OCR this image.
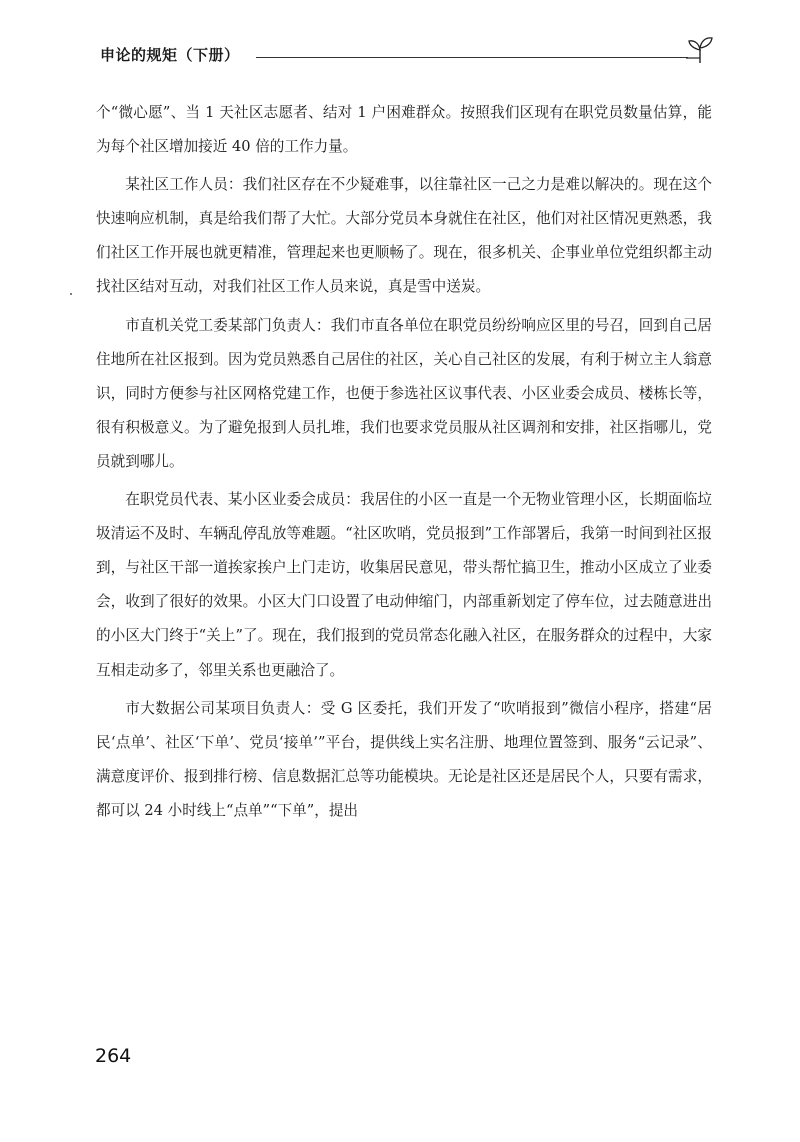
申论的规矩（下册）

个“微心愿”、当 1 天社区志愿者、结对 1 户困难群众。按照我们区现有在职党员数量估算，能为每个社区增加接近 40 倍的工作力量。

某社区工作人员：我们社区存在不少疑难事，以往靠社区一己之力是难以解决的。现在这个快速响应机制，真是给我们帮了大忙。大部分党员本身就住在社区，他们对社区情况更熟悉，我们社区工作开展也就更精准，管理起来也更顺畅了。现在，很多机关、企事业单位党组织都主动找社区结对互动，对我们社区工作人员来说，真是雪中送炭。

市直机关党工委某部门负责人：我们市直各单位在职党员纷纷响应区里的号召，回到自己居住地所在社区报到。因为党员熟悉自己居住的社区，关心自己社区的发展，有利于树立主人翁意识，同时方便参与社区网格党建工作，也便于参选社区议事代表、小区业委会成员、楼栋长等，很有积极意义。为了避免报到人员扎堆，我们也要求党员服从社区调剂和安排，社区指哪儿，党员就到哪儿。

在职党员代表、某小区业委会成员：我居住的小区一直是一个无物业管理小区，长期面临垃圾清运不及时、车辆乱停乱放等难题。“社区吹哨，党员报到”工作部署后，我第一时间到社区报到，与社区干部一道挨家挨户上门走访，收集居民意见，带头帮忙搞卫生，推动小区成立了业委会，收到了很好的效果。小区大门口设置了电动伸缩门，内部重新划定了停车位，过去随意进出的小区大门终于“关上”了。现在，我们报到的党员常态化融入社区，在服务群众的过程中，大家互相走动多了，邻里关系也更融洽了。

市大数据公司某项目负责人：受 G 区委托，我们开发了“吹哨报到”微信小程序，搭建“居民‘点单’、社区‘下单’、党员‘接单’”平台，提供线上实名注册、地理位置签到、服务“云记录”、满意度评价、报到排行榜、信息数据汇总等功能模块。无论是社区还是居民个人，只要有需求，都可以 24 小时线上“点单”“下单”，提出

264
